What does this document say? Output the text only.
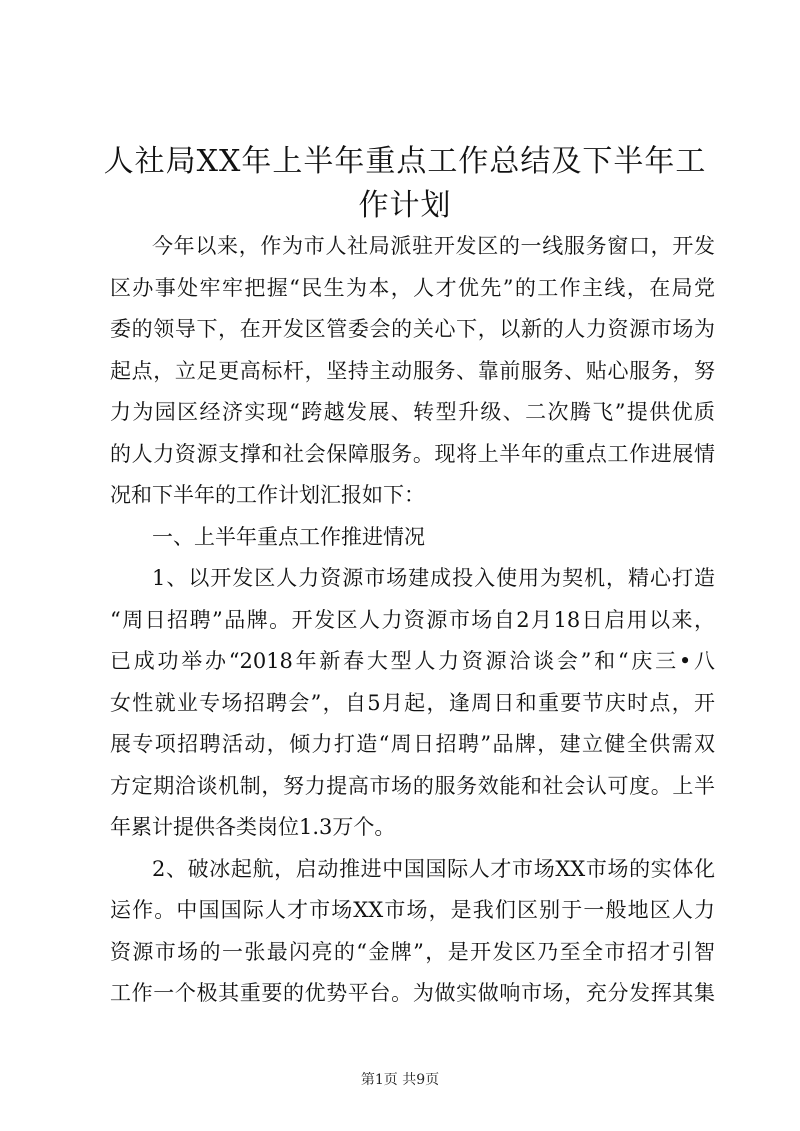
人社局XX年上半年重点工作总结及下半年工
作计划
今年以来，作为市人社局派驻开发区的一线服务窗口，开发
区办事处牢牢把握“民生为本，人才优先”的工作主线，在局党
委的领导下，在开发区管委会的关心下，以新的人力资源市场为
起点，立足更高标杆，坚持主动服务、靠前服务、贴心服务，努
力为园区经济实现“跨越发展、转型升级、二次腾飞”提供优质
的人力资源支撑和社会保障服务。现将上半年的重点工作进展情
况和下半年的工作计划汇报如下：
一、上半年重点工作推进情况
1、以开发区人力资源市场建成投入使用为契机，精心打造
“周日招聘”品牌。开发区人力资源市场自2月18日启用以来，
已成功举办“2018年新春大型人力资源洽谈会”和“庆三•八
女性就业专场招聘会”，自5月起，逢周日和重要节庆时点，开
展专项招聘活动，倾力打造“周日招聘”品牌，建立健全供需双
方定期洽谈机制，努力提高市场的服务效能和社会认可度。上半
年累计提供各类岗位1.3万个。
2、破冰起航，启动推进中国国际人才市场XX市场的实体化
运作。中国国际人才市场XX市场，是我们区别于一般地区人力
资源市场的一张最闪亮的“金牌”，是开发区乃至全市招才引智
工作一个极其重要的优势平台。为做实做响市场，充分发挥其集
第1页 共9页
